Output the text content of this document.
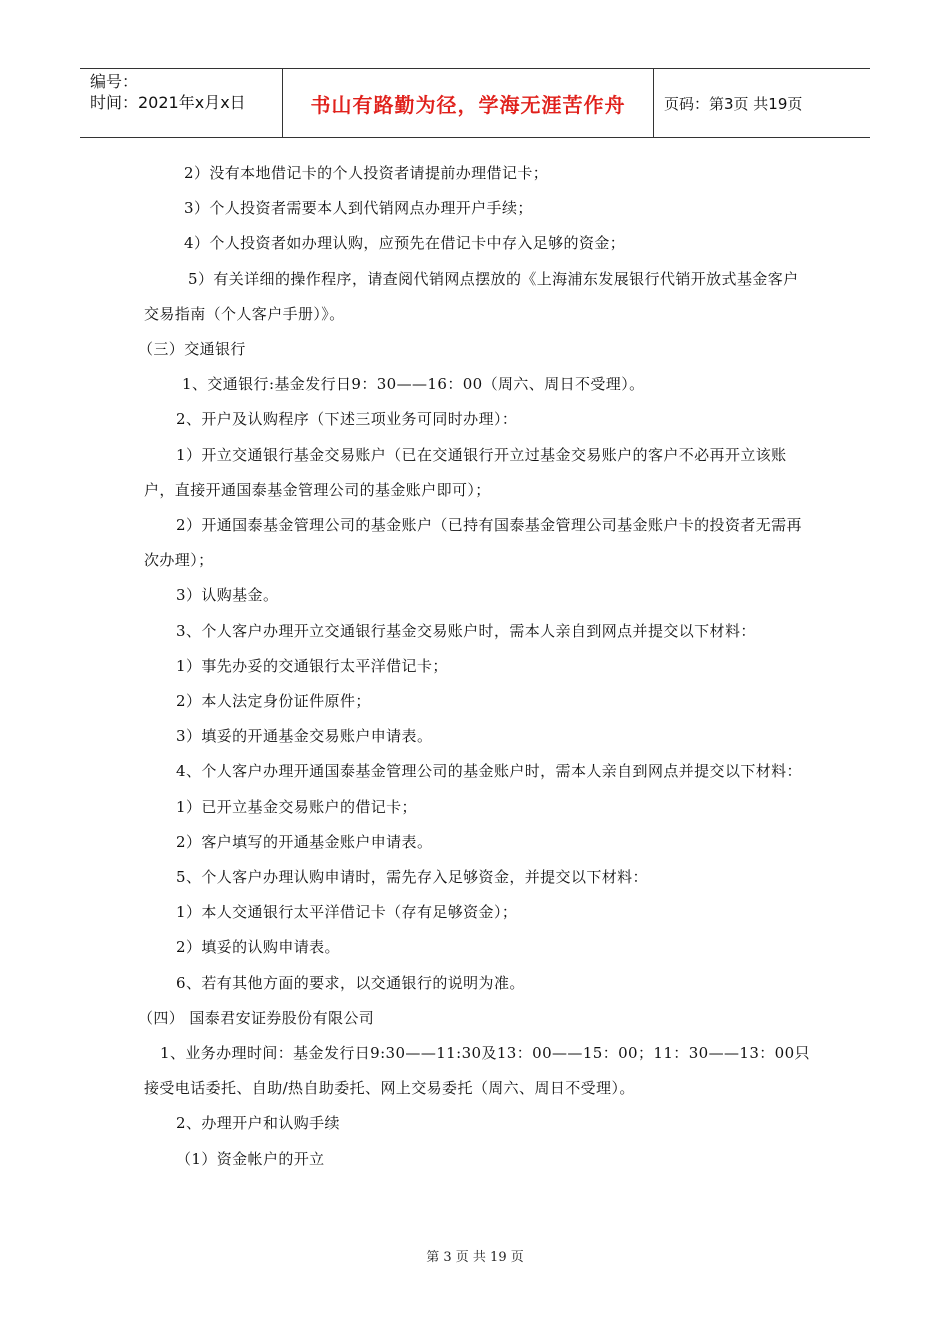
编号：
时间：2021年x月x日	书山有路勤为径，学海无涯苦作舟	页码：第3页 共19页

2）没有本地借记卡的个人投资者请提前办理借记卡；

3）个人投资者需要本人到代销网点办理开户手续；

4）个人投资者如办理认购，应预先在借记卡中存入足够的资金；

5）有关详细的操作程序，请查阅代销网点摆放的《上海浦东发展银行代销开放式基金客户交易指南（个人客户手册）》。

（三）交通银行

1、交通银行:基金发行日9：30——16：00（周六、周日不受理）。

2、开户及认购程序（下述三项业务可同时办理）：

1）开立交通银行基金交易账户（已在交通银行开立过基金交易账户的客户不必再开立该账户，直接开通国泰基金管理公司的基金账户即可）；

2）开通国泰基金管理公司的基金账户（已持有国泰基金管理公司基金账户卡的投资者无需再次办理）；

3）认购基金。

3、个人客户办理开立交通银行基金交易账户时，需本人亲自到网点并提交以下材料：

1）事先办妥的交通银行太平洋借记卡；

2）本人法定身份证件原件；

3）填妥的开通基金交易账户申请表。

4、个人客户办理开通国泰基金管理公司的基金账户时，需本人亲自到网点并提交以下材料：

1）已开立基金交易账户的借记卡；

2）客户填写的开通基金账户申请表。

5、个人客户办理认购申请时，需先存入足够资金，并提交以下材料：

1）本人交通银行太平洋借记卡（存有足够资金）；

2）填妥的认购申请表。

6、若有其他方面的要求，以交通银行的说明为准。

（四） 国泰君安证券股份有限公司

1、业务办理时间：基金发行日9:30——11:30及13：00——15：00；11：30——13：00只接受电话委托、自助/热自助委托、网上交易委托（周六、周日不受理）。

2、办理开户和认购手续

（1）资金帐户的开立

第 3 页 共 19 页
